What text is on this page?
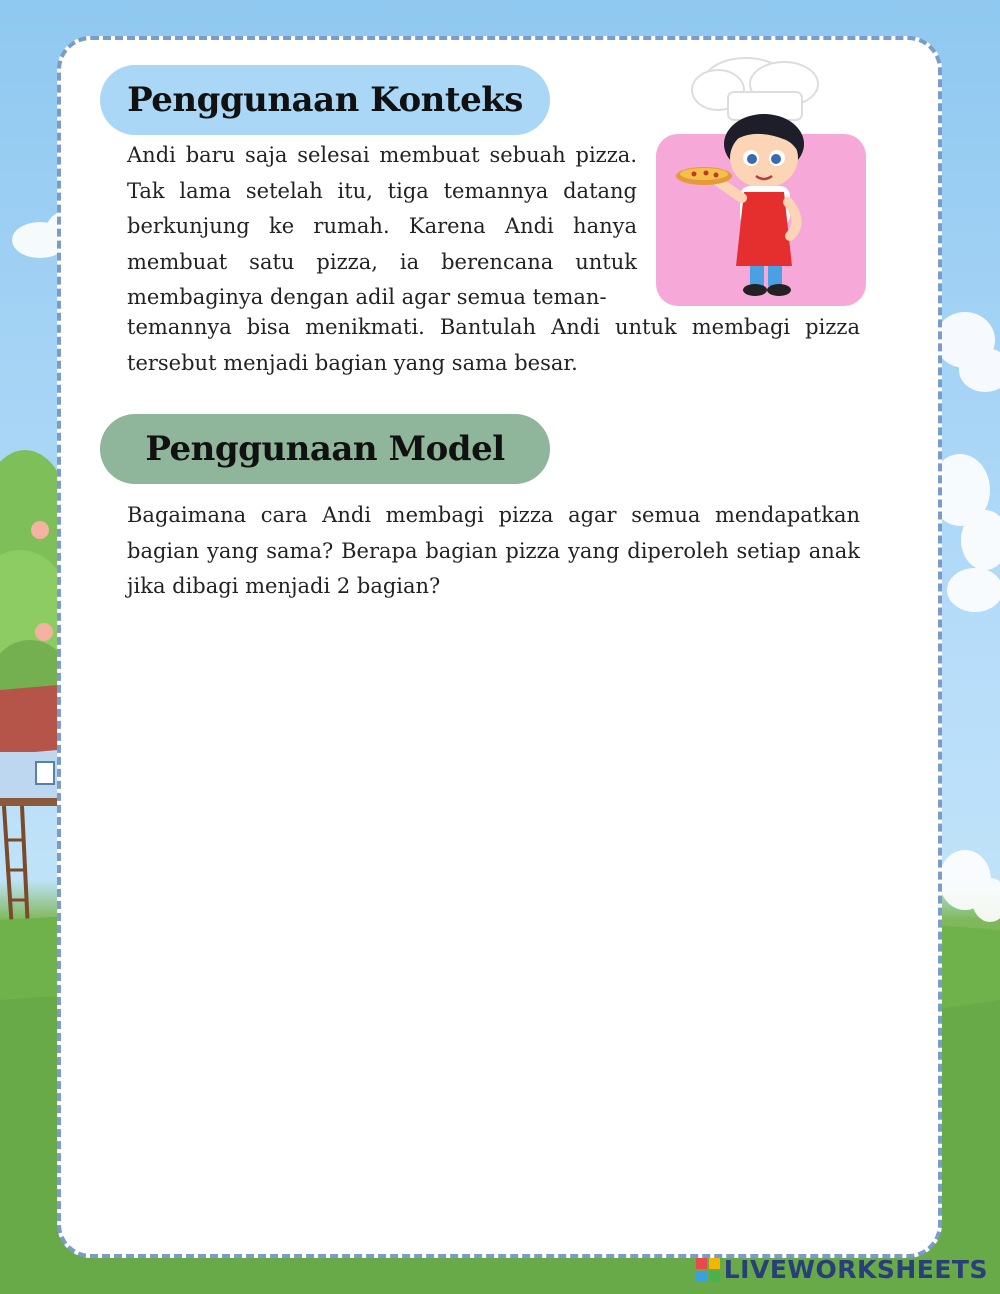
Penggunaan Konteks
Andi baru saja selesai membuat sebuah pizza.
Tak lama setelah itu, tiga temannya datang
berkunjung ke rumah. Karena Andi hanya
membuat satu pizza, ia berencana untuk
membaginya dengan adil agar semua teman-

temannya bisa menikmati. Bantulah Andi untuk membagi pizza tersebut menjadi bagian yang sama besar.

Penggunaan Model

Bagaimana cara Andi membagi pizza agar semua mendapatkan bagian yang sama? Berapa bagian pizza yang diperoleh setiap anak jika dibagi menjadi 2 bagian?

LIVEWORKSHEETS
